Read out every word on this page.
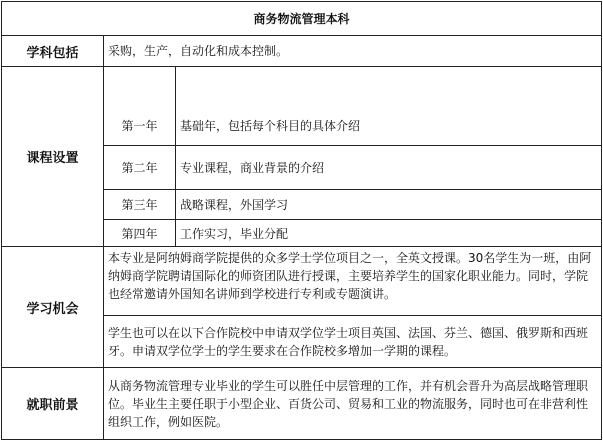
商务物流管理本科		
学科包括	采购，生产，自动化和成本控制。	
课程设置		
	第一年	基础年，包括每个科目的具体介绍
	第二年	专业课程，商业背景的介绍
	第三年	战略课程，外国学习
	第四年	工作实习，毕业分配
学习机会	本专业是阿纳姆商学院提供的众多学士学位项目之一，全英文授课。30名学生为一班，由阿纳姆商学院聘请国际化的师资团队进行授课，主要培养学生的国家化职业能力。同时，学院也经常邀请外国知名讲师到学校进行专利或专题演讲。	

	学生也可以在以下合作院校中申请双学位学士项目英国、法国、芬兰、德国、俄罗斯和西班牙。申请双学位学士的学生要求在合作院校多增加一学期的课程。	

就职前景	从商务物流管理专业毕业的学生可以胜任中层管理的工作，并有机会晋升为高层战略管理职位。毕业生主要任职于小型企业、百货公司、贸易和工业的物流服务，同时也可在非营利性组织工作，例如医院。	
